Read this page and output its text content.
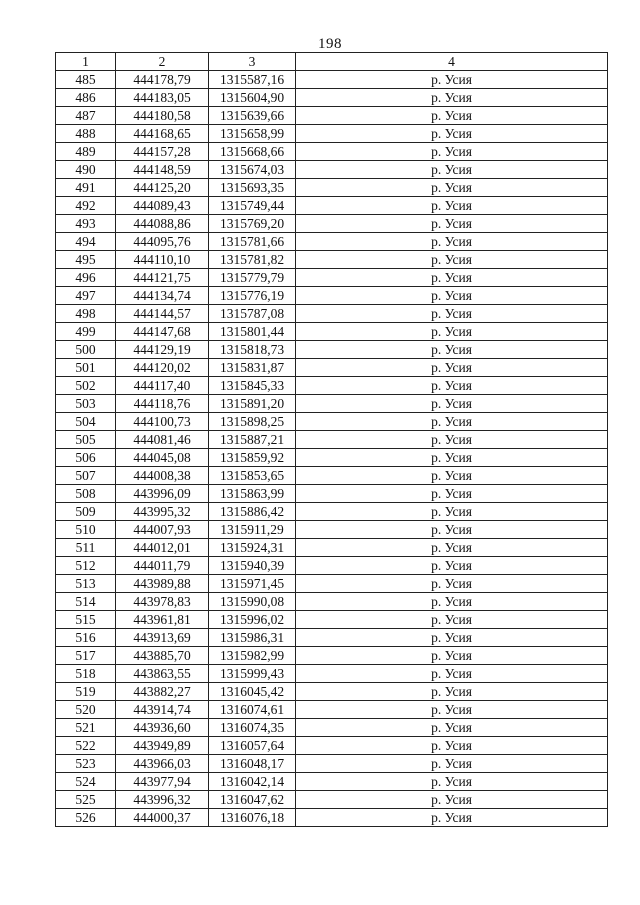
198
1	2	3	4
485	444178,79	1315587,16	р. Усия
486	444183,05	1315604,90	р. Усия
487	444180,58	1315639,66	р. Усия
488	444168,65	1315658,99	р. Усия
489	444157,28	1315668,66	р. Усия
490	444148,59	1315674,03	р. Усия
491	444125,20	1315693,35	р. Усия
492	444089,43	1315749,44	р. Усия
493	444088,86	1315769,20	р. Усия
494	444095,76	1315781,66	р. Усия
495	444110,10	1315781,82	р. Усия
496	444121,75	1315779,79	р. Усия
497	444134,74	1315776,19	р. Усия
498	444144,57	1315787,08	р. Усия
499	444147,68	1315801,44	р. Усия
500	444129,19	1315818,73	р. Усия
501	444120,02	1315831,87	р. Усия
502	444117,40	1315845,33	р. Усия
503	444118,76	1315891,20	р. Усия
504	444100,73	1315898,25	р. Усия
505	444081,46	1315887,21	р. Усия
506	444045,08	1315859,92	р. Усия
507	444008,38	1315853,65	р. Усия
508	443996,09	1315863,99	р. Усия
509	443995,32	1315886,42	р. Усия
510	444007,93	1315911,29	р. Усия
511	444012,01	1315924,31	р. Усия
512	444011,79	1315940,39	р. Усия
513	443989,88	1315971,45	р. Усия
514	443978,83	1315990,08	р. Усия
515	443961,81	1315996,02	р. Усия
516	443913,69	1315986,31	р. Усия
517	443885,70	1315982,99	р. Усия
518	443863,55	1315999,43	р. Усия
519	443882,27	1316045,42	р. Усия
520	443914,74	1316074,61	р. Усия
521	443936,60	1316074,35	р. Усия
522	443949,89	1316057,64	р. Усия
523	443966,03	1316048,17	р. Усия
524	443977,94	1316042,14	р. Усия
525	443996,32	1316047,62	р. Усия
526	444000,37	1316076,18	р. Усия
